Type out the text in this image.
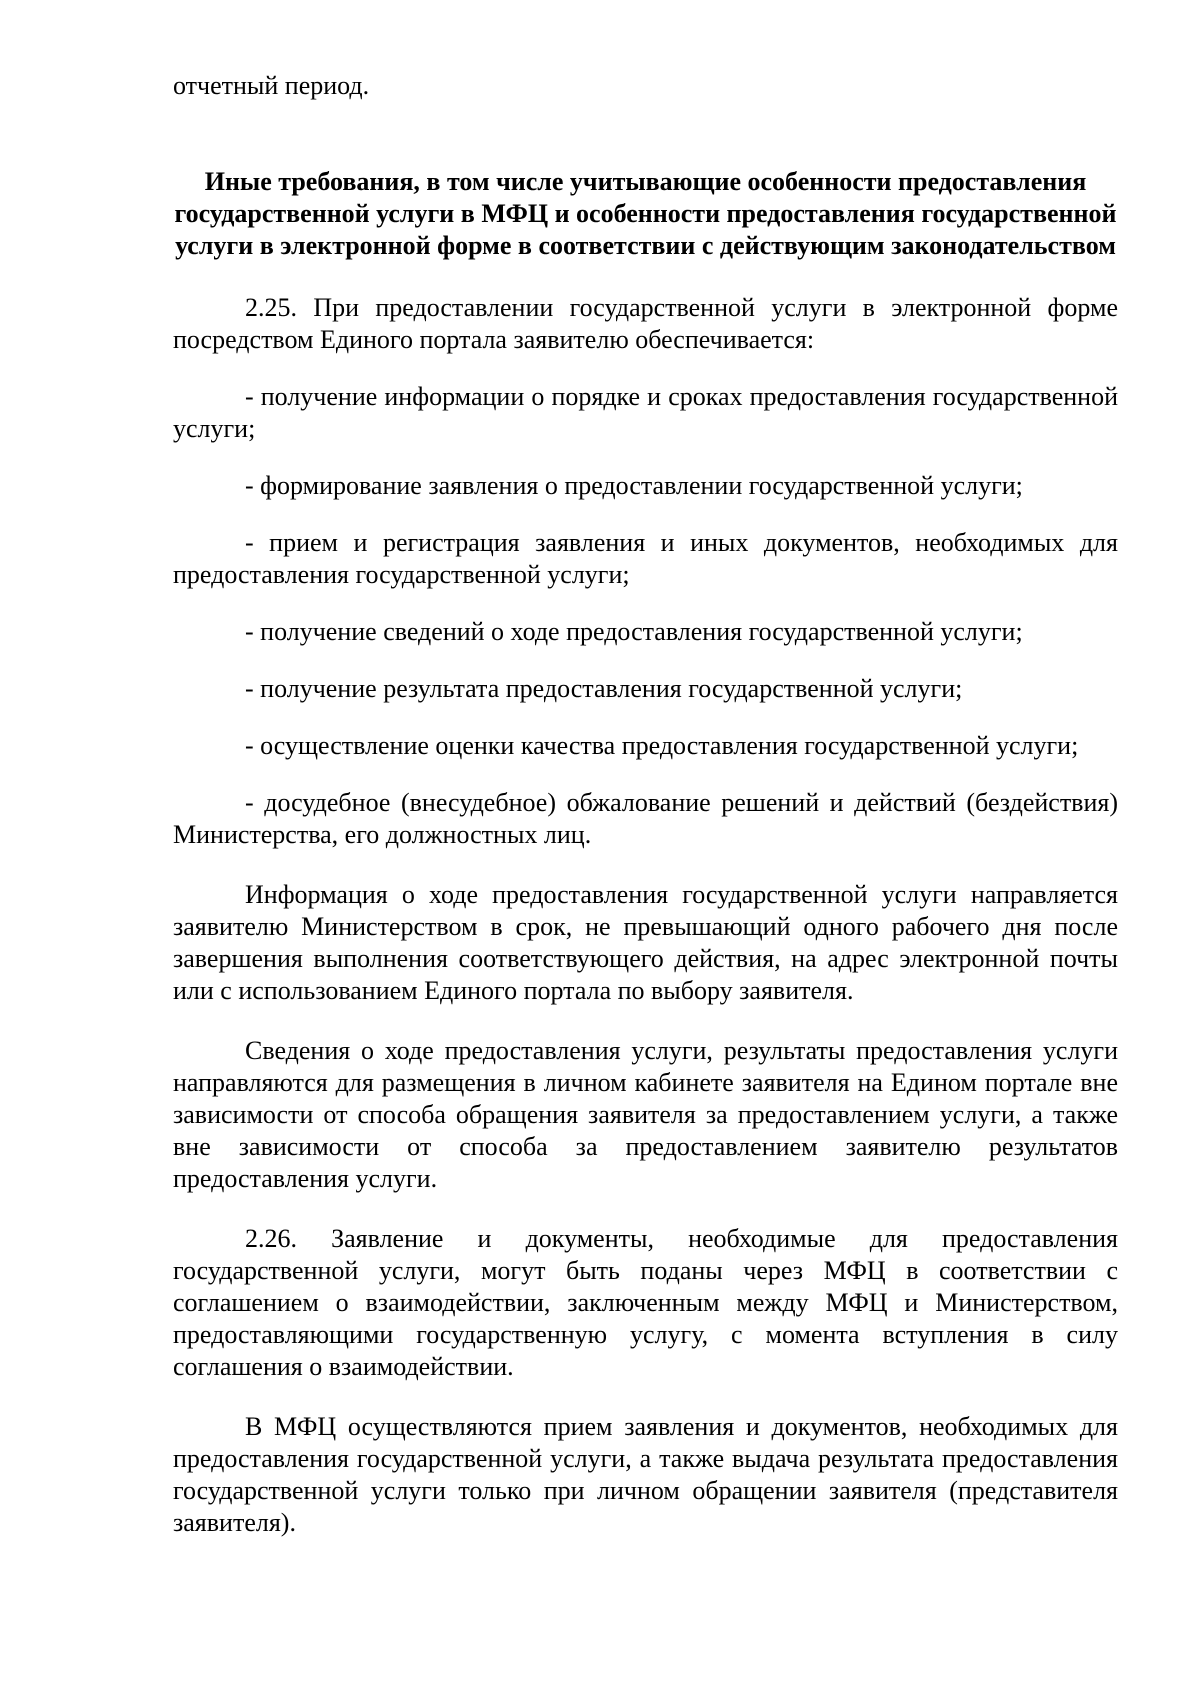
отчетный период.

Иные требования, в том числе учитывающие особенности предоставления государственной услуги в МФЦ и особенности предоставления государственной услуги в электронной форме в соответствии с действующим законодательством

2.25. При предоставлении государственной услуги в электронной форме посредством Единого портала заявителю обеспечивается:

- получение информации о порядке и сроках предоставления государственной услуги;

- формирование заявления о предоставлении государственной услуги;

- прием и регистрация заявления и иных документов, необходимых для предоставления государственной услуги;

- получение сведений о ходе предоставления государственной услуги;

- получение результата предоставления государственной услуги;

- осуществление оценки качества предоставления государственной услуги;

- досудебное (внесудебное) обжалование решений и действий (бездействия) Министерства, его должностных лиц.

Информация о ходе предоставления государственной услуги направляется заявителю Министерством в срок, не превышающий одного рабочего дня после завершения выполнения соответствующего действия, на адрес электронной почты или с использованием Единого портала по выбору заявителя.

Сведения о ходе предоставления услуги, результаты предоставления услуги направляются для размещения в личном кабинете заявителя на Едином портале вне зависимости от способа обращения заявителя за предоставлением услуги, а также вне зависимости от способа за предоставлением заявителю результатов предоставления услуги.

2.26. Заявление и документы, необходимые для предоставления государственной услуги, могут быть поданы через МФЦ в соответствии с соглашением о взаимодействии, заключенным между МФЦ и Министерством, предоставляющими государственную услугу, с момента вступления в силу соглашения о взаимодействии.

В МФЦ осуществляются прием заявления и документов, необходимых для предоставления государственной услуги, а также выдача результата предоставления государственной услуги только при личном обращении заявителя (представителя заявителя).
